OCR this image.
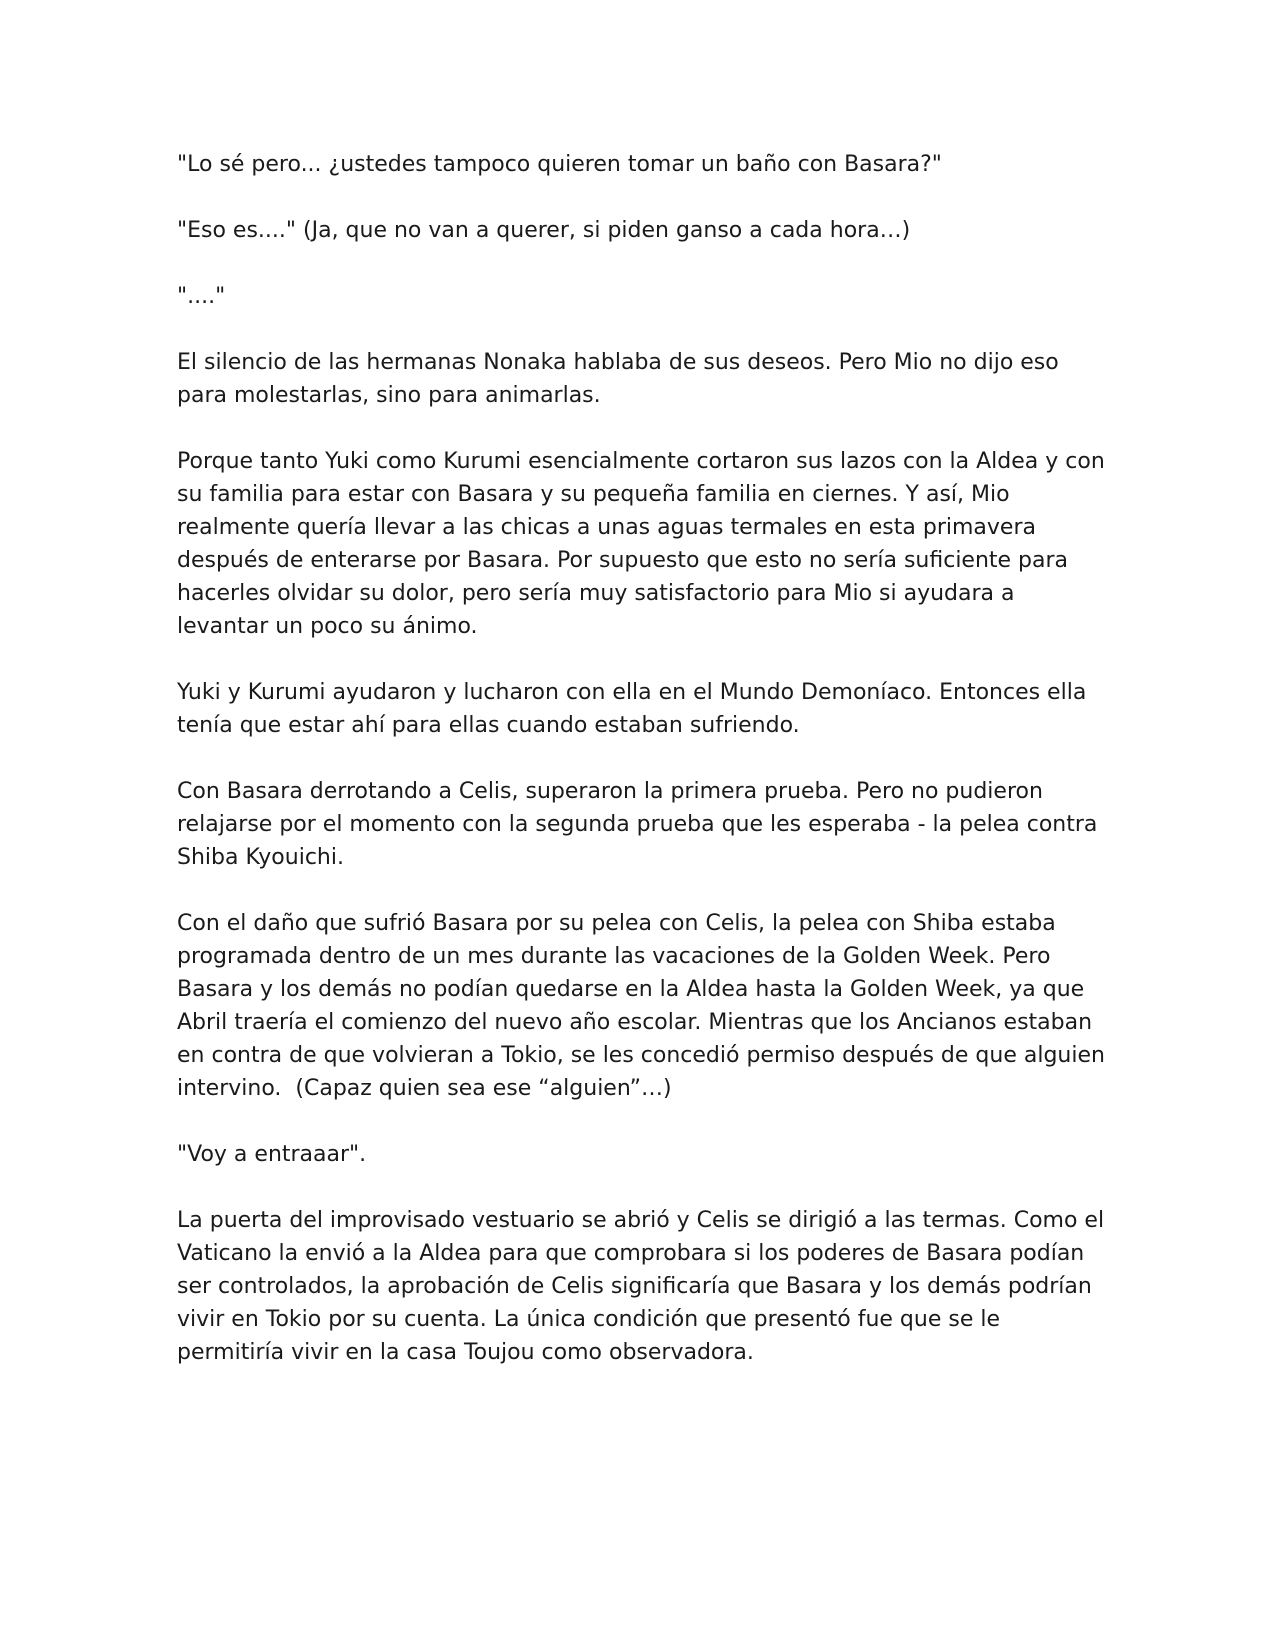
"Lo sé pero... ¿ustedes tampoco quieren tomar un baño con Basara?"

"Eso es...." (Ja, que no van a querer, si piden ganso a cada hora…)

"...."

El silencio de las hermanas Nonaka hablaba de sus deseos. Pero Mio no dijo eso para molestarlas, sino para animarlas.

Porque tanto Yuki como Kurumi esencialmente cortaron sus lazos con la Aldea y con su familia para estar con Basara y su pequeña familia en ciernes. Y así, Mio realmente quería llevar a las chicas a unas aguas termales en esta primavera después de enterarse por Basara. Por supuesto que esto no sería suficiente para hacerles olvidar su dolor, pero sería muy satisfactorio para Mio si ayudara a levantar un poco su ánimo.

Yuki y Kurumi ayudaron y lucharon con ella en el Mundo Demoníaco. Entonces ella tenía que estar ahí para ellas cuando estaban sufriendo.

Con Basara derrotando a Celis, superaron la primera prueba. Pero no pudieron relajarse por el momento con la segunda prueba que les esperaba - la pelea contra Shiba Kyouichi.

Con el daño que sufrió Basara por su pelea con Celis, la pelea con Shiba estaba programada dentro de un mes durante las vacaciones de la Golden Week. Pero Basara y los demás no podían quedarse en la Aldea hasta la Golden Week, ya que Abril traería el comienzo del nuevo año escolar. Mientras que los Ancianos estaban en contra de que volvieran a Tokio, se les concedió permiso después de que alguien intervino.  (Capaz quien sea ese “alguien”…)

"Voy a entraaar".

La puerta del improvisado vestuario se abrió y Celis se dirigió a las termas. Como el Vaticano la envió a la Aldea para que comprobara si los poderes de Basara podían ser controlados, la aprobación de Celis significaría que Basara y los demás podrían vivir en Tokio por su cuenta. La única condición que presentó fue que se le permitiría vivir en la casa Toujou como observadora.
